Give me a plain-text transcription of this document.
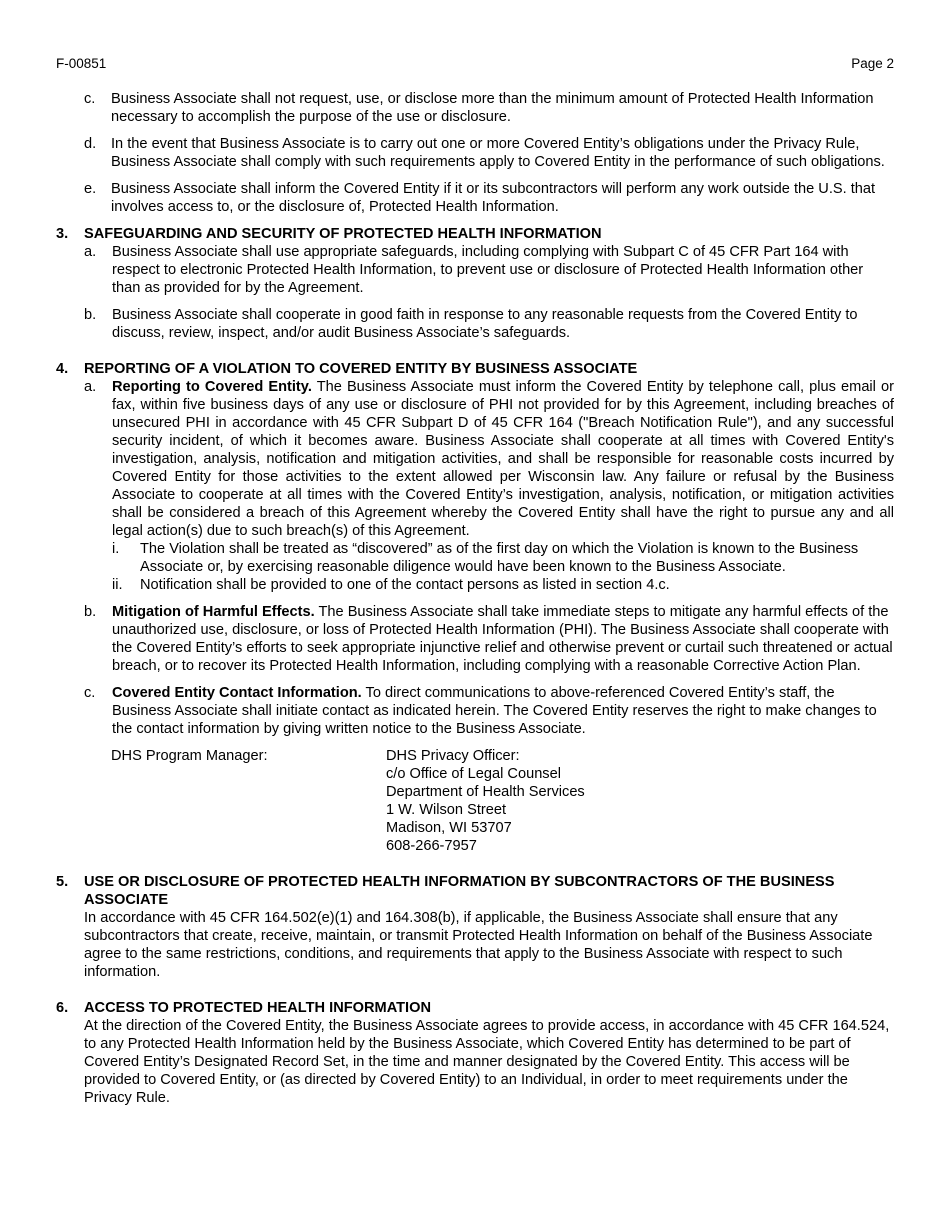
F-00851	Page 2
c. Business Associate shall not request, use, or disclose more than the minimum amount of Protected Health Information necessary to accomplish the purpose of the use or disclosure.
d. In the event that Business Associate is to carry out one or more Covered Entity’s obligations under the Privacy Rule, Business Associate shall comply with such requirements apply to Covered Entity in the performance of such obligations.
e. Business Associate shall inform the Covered Entity if it or its subcontractors will perform any work outside the U.S. that involves access to, or the disclosure of, Protected Health Information.
3. SAFEGUARDING AND SECURITY OF PROTECTED HEALTH INFORMATION
a. Business Associate shall use appropriate safeguards, including complying with Subpart C of 45 CFR Part 164 with respect to electronic Protected Health Information, to prevent use or disclosure of Protected Health Information other than as provided for by the Agreement.
b. Business Associate shall cooperate in good faith in response to any reasonable requests from the Covered Entity to discuss, review, inspect, and/or audit Business Associate’s safeguards.
4. REPORTING OF A VIOLATION TO COVERED ENTITY BY BUSINESS ASSOCIATE
a. Reporting to Covered Entity. The Business Associate must inform the Covered Entity by telephone call, plus email or fax, within five business days of any use or disclosure of PHI not provided for by this Agreement, including breaches of unsecured PHI in accordance with 45 CFR Subpart D of 45 CFR 164 ("Breach Notification Rule"), and any successful security incident, of which it becomes aware. Business Associate shall cooperate at all times with Covered Entity's investigation, analysis, notification and mitigation activities, and shall be responsible for reasonable costs incurred by Covered Entity for those activities to the extent allowed per Wisconsin law. Any failure or refusal by the Business Associate to cooperate at all times with the Covered Entity’s investigation, analysis, notification, or mitigation activities shall be considered a breach of this Agreement whereby the Covered Entity shall have the right to pursue any and all legal action(s) due to such breach(s) of this Agreement.
i. The Violation shall be treated as “discovered” as of the first day on which the Violation is known to the Business Associate or, by exercising reasonable diligence would have been known to the Business Associate.
ii. Notification shall be provided to one of the contact persons as listed in section 4.c.
b. Mitigation of Harmful Effects. The Business Associate shall take immediate steps to mitigate any harmful effects of the unauthorized use, disclosure, or loss of Protected Health Information (PHI). The Business Associate shall cooperate with the Covered Entity’s efforts to seek appropriate injunctive relief and otherwise prevent or curtail such threatened or actual breach, or to recover its Protected Health Information, including complying with a reasonable Corrective Action Plan.
c. Covered Entity Contact Information. To direct communications to above-referenced Covered Entity’s staff, the Business Associate shall initiate contact as indicated herein. The Covered Entity reserves the right to make changes to the contact information by giving written notice to the Business Associate.
DHS Program Manager:	DHS Privacy Officer:
c/o Office of Legal Counsel
Department of Health Services
1 W. Wilson Street
Madison, WI 53707
608-266-7957
5. USE OR DISCLOSURE OF PROTECTED HEALTH INFORMATION BY SUBCONTRACTORS OF THE BUSINESS ASSOCIATE
In accordance with 45 CFR 164.502(e)(1) and 164.308(b), if applicable, the Business Associate shall ensure that any subcontractors that create, receive, maintain, or transmit Protected Health Information on behalf of the Business Associate agree to the same restrictions, conditions, and requirements that apply to the Business Associate with respect to such information.
6. ACCESS TO PROTECTED HEALTH INFORMATION
At the direction of the Covered Entity, the Business Associate agrees to provide access, in accordance with 45 CFR 164.524, to any Protected Health Information held by the Business Associate, which Covered Entity has determined to be part of Covered Entity’s Designated Record Set, in the time and manner designated by the Covered Entity. This access will be provided to Covered Entity, or (as directed by Covered Entity) to an Individual, in order to meet requirements under the Privacy Rule.
